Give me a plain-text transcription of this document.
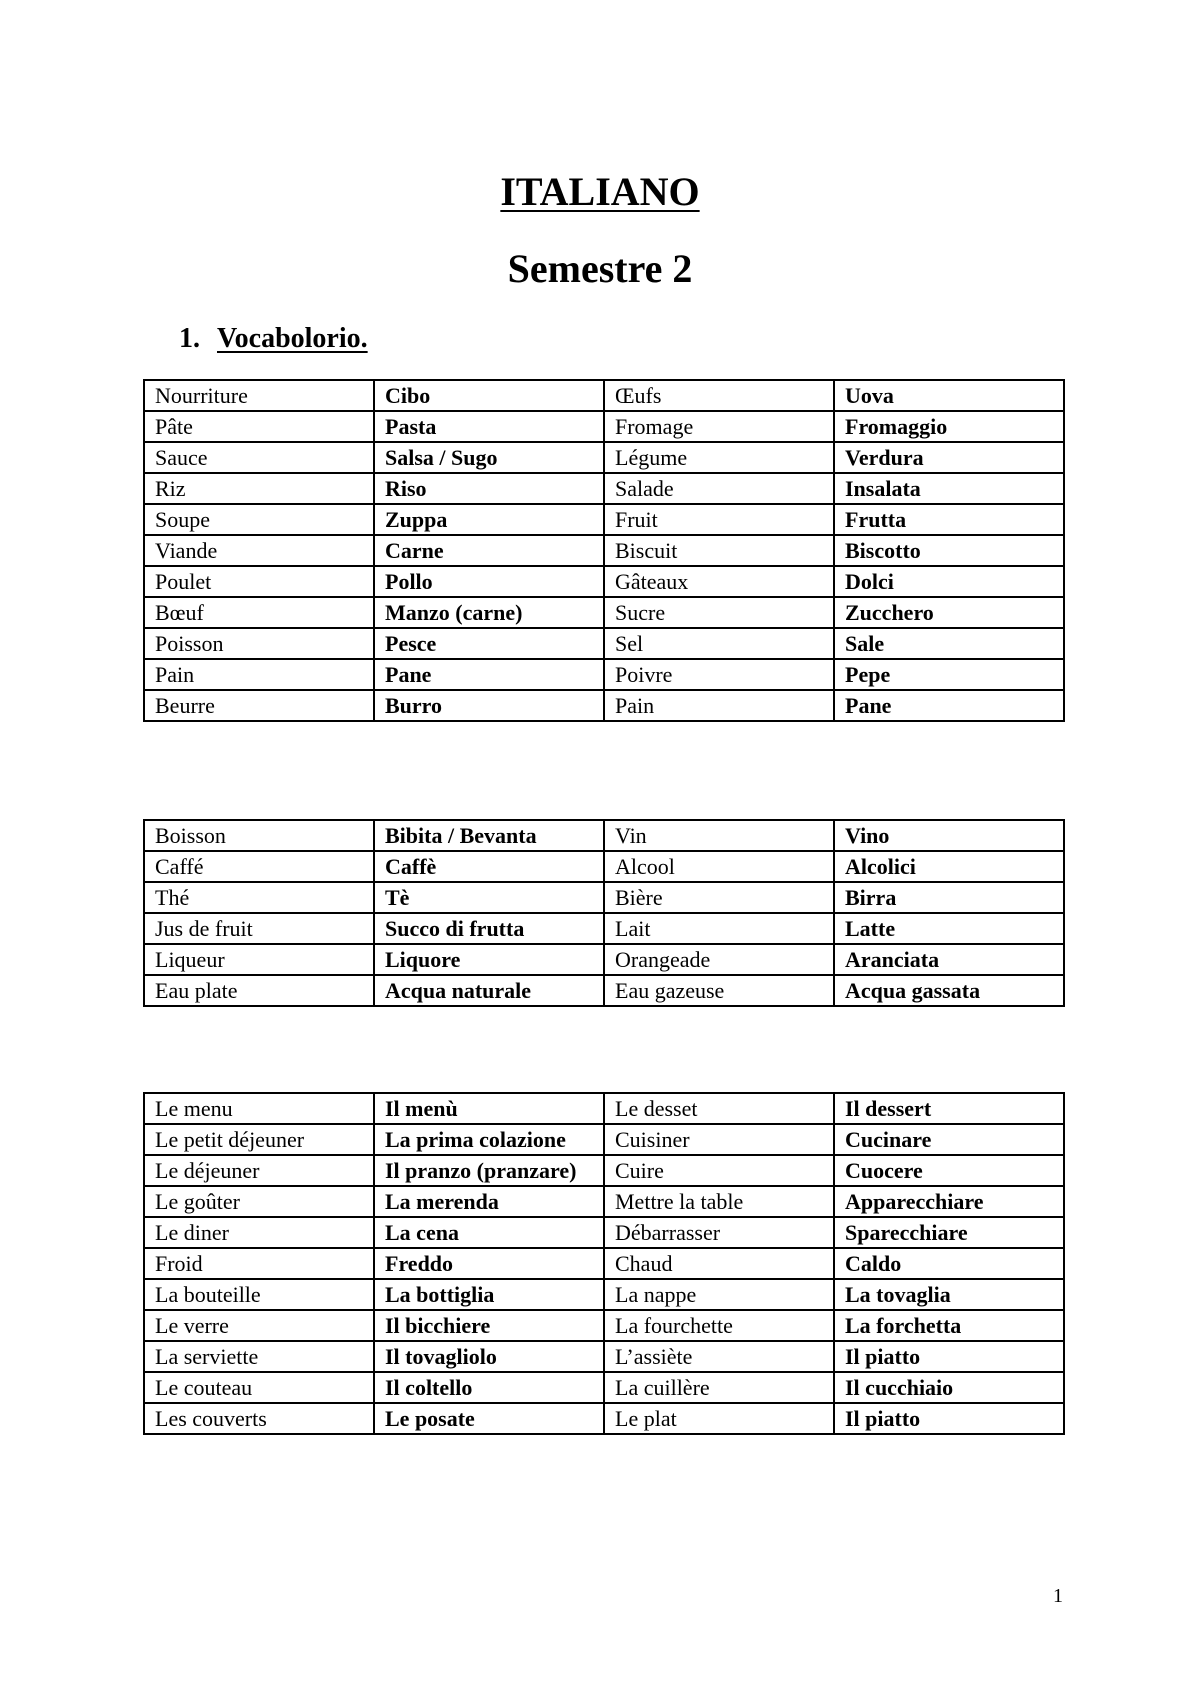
ITALIANO
Semestre 2

1. Vocabolorio.

Nourriture	Cibo	Œufs	Uova
Pâte	Pasta	Fromage	Fromaggio
Sauce	Salsa / Sugo	Légume	Verdura
Riz	Riso	Salade	Insalata
Soupe	Zuppa	Fruit	Frutta
Viande	Carne	Biscuit	Biscotto
Poulet	Pollo	Gâteaux	Dolci
Bœuf	Manzo (carne)	Sucre	Zucchero
Poisson	Pesce	Sel	Sale
Pain	Pane	Poivre	Pepe
Beurre	Burro	Pain	Pane
Boisson	Bibita / Bevanta	Vin	Vino
Caffé	Caffè	Alcool	Alcolici
Thé	Tè	Bière	Birra
Jus de fruit	Succo di frutta	Lait	Latte
Liqueur	Liquore	Orangeade	Aranciata
Eau plate	Acqua naturale	Eau gazeuse	Acqua gassata
Le menu	Il menù	Le desset	Il dessert
Le petit déjeuner	La prima colazione	Cuisiner	Cucinare
Le déjeuner	Il pranzo (pranzare)	Cuire	Cuocere
Le goûter	La merenda	Mettre la table	Apparecchiare
Le diner	La cena	Débarrasser	Sparecchiare
Froid	Freddo	Chaud	Caldo
La bouteille	La bottiglia	La nappe	La tovaglia
Le verre	Il bicchiere	La fourchette	La forchetta
La serviette	Il tovagliolo	L’assiète	Il piatto
Le couteau	Il coltello	La cuillère	Il cucchiaio
Les couverts	Le posate	Le plat	Il piatto
1
